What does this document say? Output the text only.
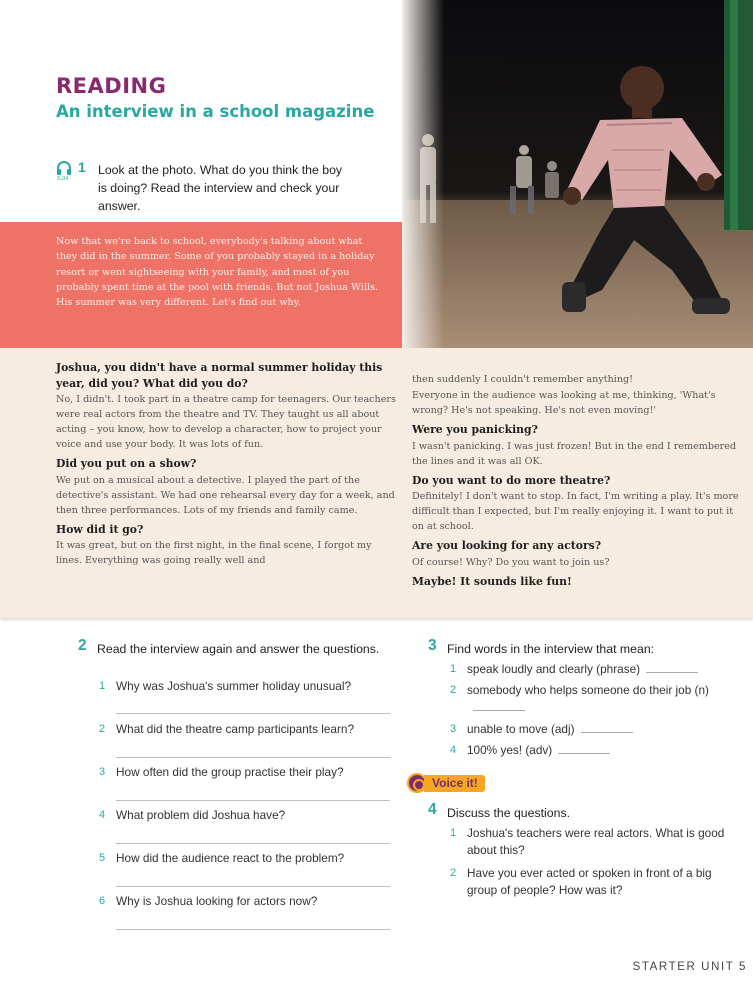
READING
An interview in a school magazine
S.04
1 Look at the photo. What do you think the boy is doing? Read the interview and check your answer.

Now that we're back to school, everybody's talking about what they did in the summer. Some of you probably stayed in a holiday resort or went sightseeing with your family, and most of you probably spent time at the pool with friends. But not Joshua Wills. His summer was very different. Let's find out why.

Joshua, you didn't have a normal summer holiday this year, did you? What did you do?
No, I didn't. I took part in a theatre camp for teenagers. Our teachers were real actors from the theatre and TV. They taught us all about acting – you know, how to develop a character, how to project your voice and use your body. It was lots of fun.
Did you put on a show?
We put on a musical about a detective. I played the part of the detective's assistant. We had one rehearsal every day for a week, and then three performances. Lots of my friends and family came.
How did it go?
It was great, but on the first night, in the final scene, I forgot my lines. Everything was going really well and
then suddenly I couldn't remember anything!
Everyone in the audience was looking at me, thinking, 'What's wrong? He's not speaking. He's not even moving!'
Were you panicking?
I wasn't panicking. I was just frozen! But in the end I remembered the lines and it was all OK.
Do you want to do more theatre?
Definitely! I don't want to stop. In fact, I'm writing a play. It's more difficult than I expected, but I'm really enjoying it. I want to put it on at school.
Are you looking for any actors?
Of course! Why? Do you want to join us?
Maybe! It sounds like fun!
2 Read the interview again and answer the questions.
1 Why was Joshua's summer holiday unusual?
2 What did the theatre camp participants learn?
3 How often did the group practise their play?
4 What problem did Joshua have?
5 How did the audience react to the problem?
6 Why is Joshua looking for actors now?
3 Find words in the interview that mean:
1 speak loudly and clearly (phrase)
2 somebody who helps someone do their job (n)
3 unable to move (adj)
4 100% yes! (adv)
Voice it!
4 Discuss the questions.
1 Joshua's teachers were real actors. What is good about this?
2 Have you ever acted or spoken in front of a big group of people? How was it?
STARTER UNIT 5
